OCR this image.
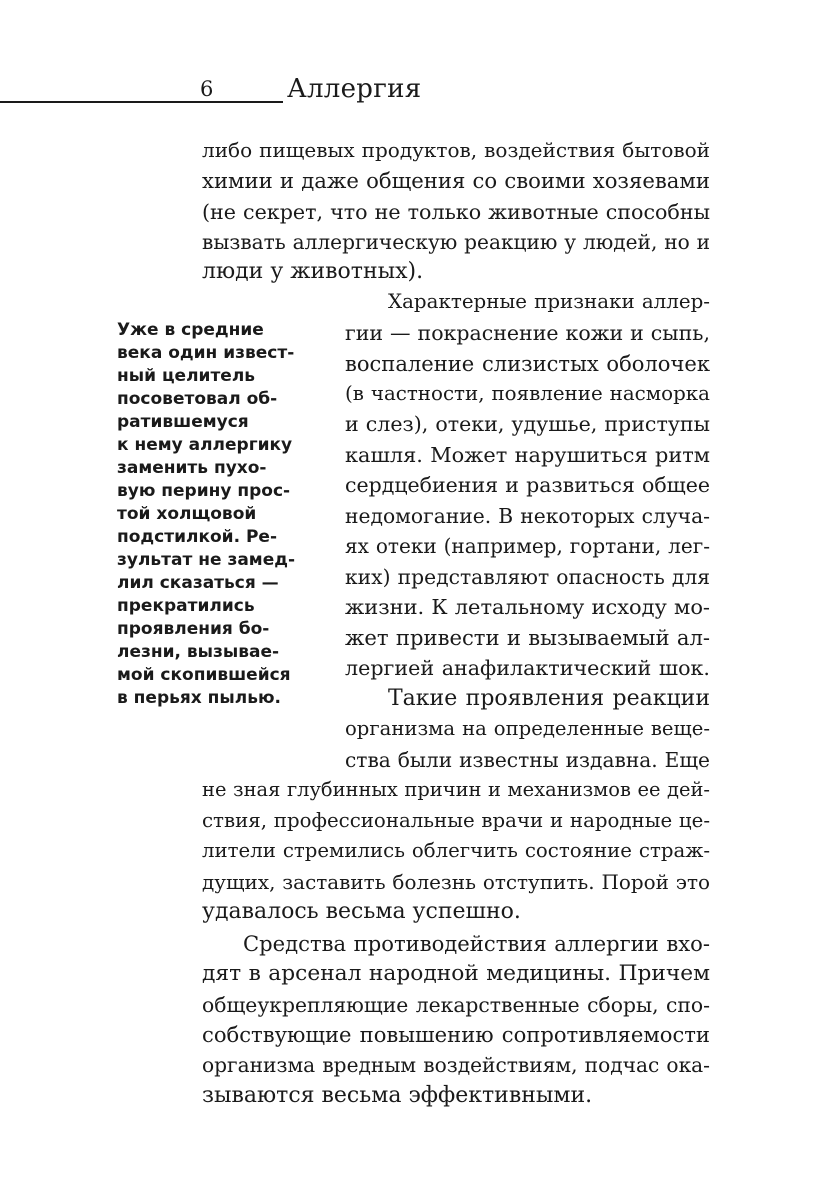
6	Аллергия
либо пищевых продуктов, воздействия бытовой
химии и даже общения со своими хозяевами
(не секрет, что не только животные способны
вызвать аллергическую реакцию у людей, но и
люди у животных).
Уже в средние
века один извест-
ный целитель
посоветовал об-
ратившемуся
к нему аллергику
заменить пухо-
вую перину прос-
той холщовой
подстилкой. Ре-
зультат не замед-
лил сказаться —
прекратились
проявления бо-
лезни, вызывае-
мой скопившейся
в перьях пылью.
Характерные признаки аллер-
гии — покраснение кожи и сыпь,
воспаление слизистых оболочек
(в частности, появление насморка
и слез), отеки, удушье, приступы
кашля. Может нарушиться ритм
сердцебиения и развиться общее
недомогание. В некоторых случа-
ях отеки (например, гортани, лег-
ких) представляют опасность для
жизни. К летальному исходу мо-
жет привести и вызываемый ал-
лергией анафилактический шок.
Такие проявления реакции
организма на определенные веще-
ства были известны издавна. Еще
не зная глубинных причин и механизмов ее дей-
ствия, профессиональные врачи и народные це-
лители стремились облегчить состояние страж-
дущих, заставить болезнь отступить. Порой это
удавалось весьма успешно.
Средства противодействия аллергии вхо-
дят в арсенал народной медицины. Причем
общеукрепляющие лекарственные сборы, спо-
собствующие повышению сопротивляемости
организма вредным воздействиям, подчас ока-
зываются весьма эффективными.
